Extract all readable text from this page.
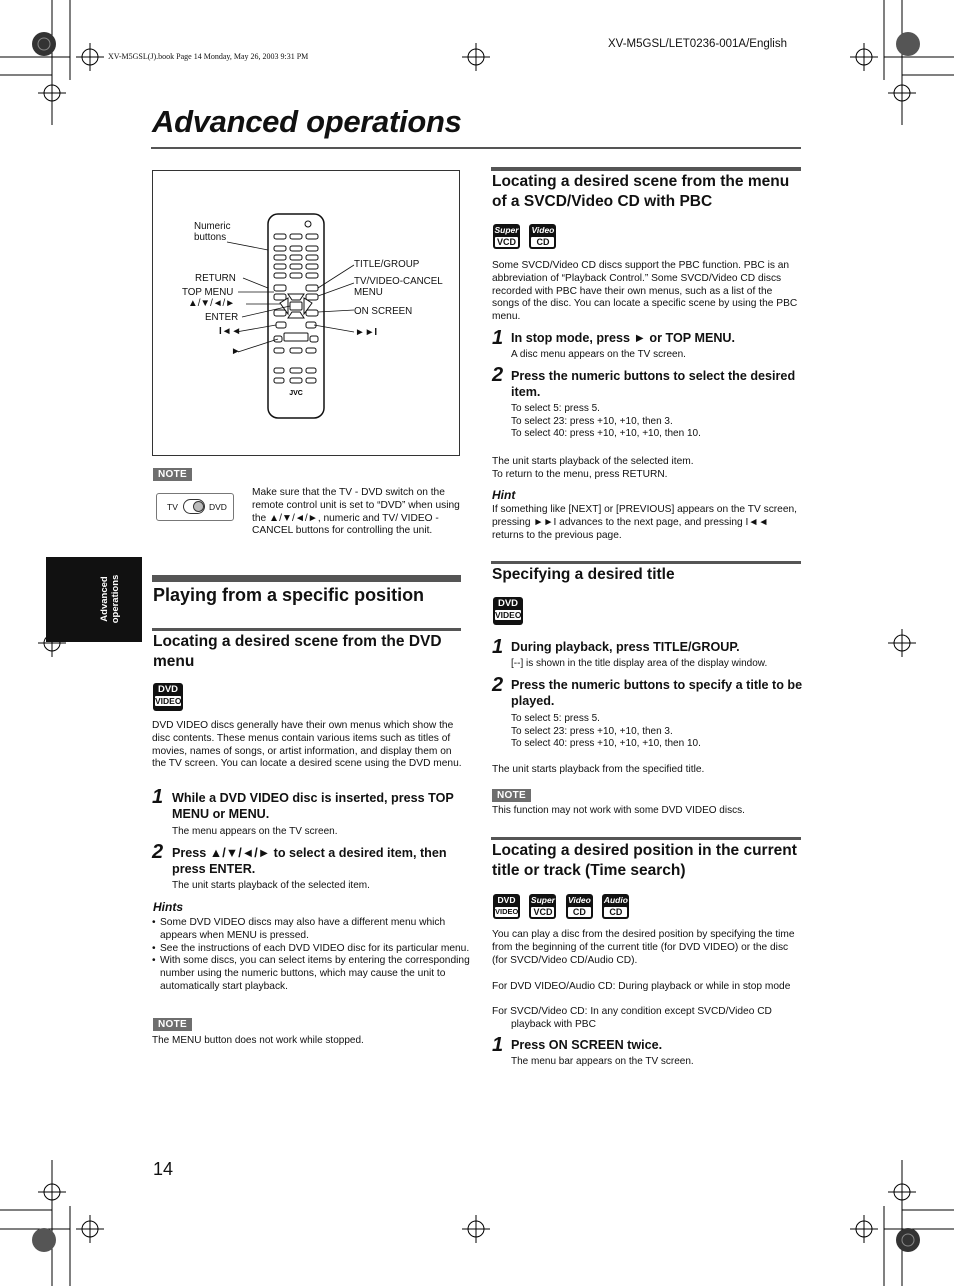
XV-M5GSL(J).book Page 14 Monday, May 26, 2003 9:31 PM
XV-M5GSL/LET0236-001A/English
Advanced operations
Advanced operations
JVC
Numeric
buttons
RETURN
TOP MENU
▲/▼/◄/►
ENTER
I◄◄
►
TITLE/GROUP
TV/VIDEO-CANCEL
MENU
ON SCREEN
►►I
NOTE
TV	DVD
Make sure that the TV - DVD switch on the remote control unit is set to “DVD” when using the ▲/▼/◄/►, numeric and TV/ VIDEO - CANCEL buttons for controlling the unit.
Playing from a specific position
Locating a desired scene from the DVD menu
DVD
VIDEO
DVD VIDEO discs generally have their own menus which show the disc contents. These menus contain various items such as titles of movies, names of songs, or artist information, and display them on the TV screen. You can locate a desired scene using the DVD menu.
1 While a DVD VIDEO disc is inserted, press TOP MENU or MENU.
The menu appears on the TV screen.
2 Press ▲/▼/◄/► to select a desired item, then press ENTER.
The unit starts playback of the selected item.
Hints
• Some DVD VIDEO discs may also have a different menu which appears when MENU is pressed.
• See the instructions of each DVD VIDEO disc for its particular menu.
• With some discs, you can select items by entering the corresponding number using the numeric buttons, which may cause the unit to automatically start playback.
NOTE
The MENU button does not work while stopped.
Locating a desired scene from the menu of a SVCD/Video CD with PBC
Super
VCD

Video
CD
Some SVCD/Video CD discs support the PBC function. PBC is an abbreviation of “Playback Control.” Some SVCD/Video CD discs recorded with PBC have their own menus, such as a list of the songs of the disc. You can locate a specific scene by using the PBC menu.
1 In stop mode, press ► or TOP MENU.
A disc menu appears on the TV screen.
2 Press the numeric buttons to select the desired item.
To select 5: press 5.
To select 23: press +10, +10, then 3.
To select 40: press +10, +10, +10, then 10.
The unit starts playback of the selected item.
To return to the menu, press RETURN.
Hint
If something like [NEXT] or [PREVIOUS] appears on the TV screen, pressing ►►I advances to the next page, and pressing I◄◄ returns to the previous page.
Specifying a desired title
DVD
VIDEO
1 During playback, press TITLE/GROUP.
[--] is shown in the title display area of the display window.
2 Press the numeric buttons to specify a title to be played.
To select 5: press 5.
To select 23: press +10, +10, then 3.
To select 40: press +10, +10, +10, then 10.
The unit starts playback from the specified title.
NOTE
This function may not work with some DVD VIDEO discs.
Locating a desired position in the current title or track (Time search)
DVD
VIDEO

Super
VCD

Video
CD

Audio
CD
You can play a disc from the desired position by specifying the time from the beginning of the current title (for DVD VIDEO) or the disc (for SVCD/Video CD/Audio CD).
For DVD VIDEO/Audio CD: During playback or while in stop mode
For SVCD/Video CD: In any condition except SVCD/Video CD playback with PBC
1 Press ON SCREEN twice.
The menu bar appears on the TV screen.
14
